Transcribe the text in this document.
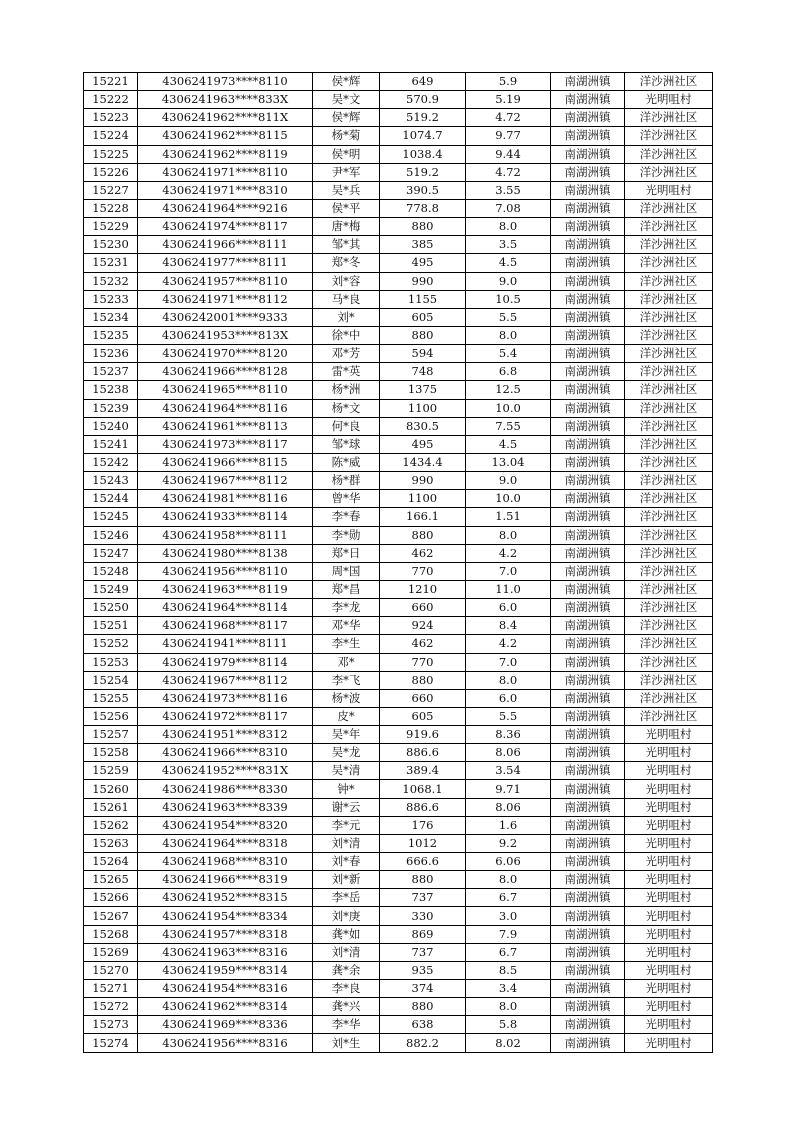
15221	4306241973****8110	侯*辉	649	5.9	南湖洲镇	洋沙洲社区
15222	4306241963****833X	吴*文	570.9	5.19	南湖洲镇	光明咀村
15223	4306241962****811X	侯*辉	519.2	4.72	南湖洲镇	洋沙洲社区
15224	4306241962****8115	杨*菊	1074.7	9.77	南湖洲镇	洋沙洲社区
15225	4306241962****8119	侯*明	1038.4	9.44	南湖洲镇	洋沙洲社区
15226	4306241971****8110	尹*军	519.2	4.72	南湖洲镇	洋沙洲社区
15227	4306241971****8310	吴*兵	390.5	3.55	南湖洲镇	光明咀村
15228	4306241964****9216	侯*平	778.8	7.08	南湖洲镇	洋沙洲社区
15229	4306241974****8117	唐*梅	880	8.0	南湖洲镇	洋沙洲社区
15230	4306241966****8111	邹*其	385	3.5	南湖洲镇	洋沙洲社区
15231	4306241977****8111	郑*冬	495	4.5	南湖洲镇	洋沙洲社区
15232	4306241957****8110	刘*容	990	9.0	南湖洲镇	洋沙洲社区
15233	4306241971****8112	马*良	1155	10.5	南湖洲镇	洋沙洲社区
15234	4306242001****9333	刘*	605	5.5	南湖洲镇	洋沙洲社区
15235	4306241953****813X	徐*中	880	8.0	南湖洲镇	洋沙洲社区
15236	4306241970****8120	邓*芳	594	5.4	南湖洲镇	洋沙洲社区
15237	4306241966****8128	雷*英	748	6.8	南湖洲镇	洋沙洲社区
15238	4306241965****8110	杨*洲	1375	12.5	南湖洲镇	洋沙洲社区
15239	4306241964****8116	杨*文	1100	10.0	南湖洲镇	洋沙洲社区
15240	4306241961****8113	何*良	830.5	7.55	南湖洲镇	洋沙洲社区
15241	4306241973****8117	邹*球	495	4.5	南湖洲镇	洋沙洲社区
15242	4306241966****8115	陈*威	1434.4	13.04	南湖洲镇	洋沙洲社区
15243	4306241967****8112	杨*群	990	9.0	南湖洲镇	洋沙洲社区
15244	4306241981****8116	曾*华	1100	10.0	南湖洲镇	洋沙洲社区
15245	4306241933****8114	李*春	166.1	1.51	南湖洲镇	洋沙洲社区
15246	4306241958****8111	李*勋	880	8.0	南湖洲镇	洋沙洲社区
15247	4306241980****8138	郑*日	462	4.2	南湖洲镇	洋沙洲社区
15248	4306241956****8110	周*国	770	7.0	南湖洲镇	洋沙洲社区
15249	4306241963****8119	郑*昌	1210	11.0	南湖洲镇	洋沙洲社区
15250	4306241964****8114	李*龙	660	6.0	南湖洲镇	洋沙洲社区
15251	4306241968****8117	邓*华	924	8.4	南湖洲镇	洋沙洲社区
15252	4306241941****8111	李*生	462	4.2	南湖洲镇	洋沙洲社区
15253	4306241979****8114	邓*	770	7.0	南湖洲镇	洋沙洲社区
15254	4306241967****8112	李*飞	880	8.0	南湖洲镇	洋沙洲社区
15255	4306241973****8116	杨*波	660	6.0	南湖洲镇	洋沙洲社区
15256	4306241972****8117	皮*	605	5.5	南湖洲镇	洋沙洲社区
15257	4306241951****8312	吴*年	919.6	8.36	南湖洲镇	光明咀村
15258	4306241966****8310	吴*龙	886.6	8.06	南湖洲镇	光明咀村
15259	4306241952****831X	吴*清	389.4	3.54	南湖洲镇	光明咀村
15260	4306241986****8330	钟*	1068.1	9.71	南湖洲镇	光明咀村
15261	4306241963****8339	谢*云	886.6	8.06	南湖洲镇	光明咀村
15262	4306241954****8320	李*元	176	1.6	南湖洲镇	光明咀村
15263	4306241964****8318	刘*清	1012	9.2	南湖洲镇	光明咀村
15264	4306241968****8310	刘*春	666.6	6.06	南湖洲镇	光明咀村
15265	4306241966****8319	刘*新	880	8.0	南湖洲镇	光明咀村
15266	4306241952****8315	李*岳	737	6.7	南湖洲镇	光明咀村
15267	4306241954****8334	刘*庚	330	3.0	南湖洲镇	光明咀村
15268	4306241957****8318	龚*如	869	7.9	南湖洲镇	光明咀村
15269	4306241963****8316	刘*清	737	6.7	南湖洲镇	光明咀村
15270	4306241959****8314	龚*余	935	8.5	南湖洲镇	光明咀村
15271	4306241954****8316	李*良	374	3.4	南湖洲镇	光明咀村
15272	4306241962****8314	龚*兴	880	8.0	南湖洲镇	光明咀村
15273	4306241969****8336	李*华	638	5.8	南湖洲镇	光明咀村
15274	4306241956****8316	刘*生	882.2	8.02	南湖洲镇	光明咀村
